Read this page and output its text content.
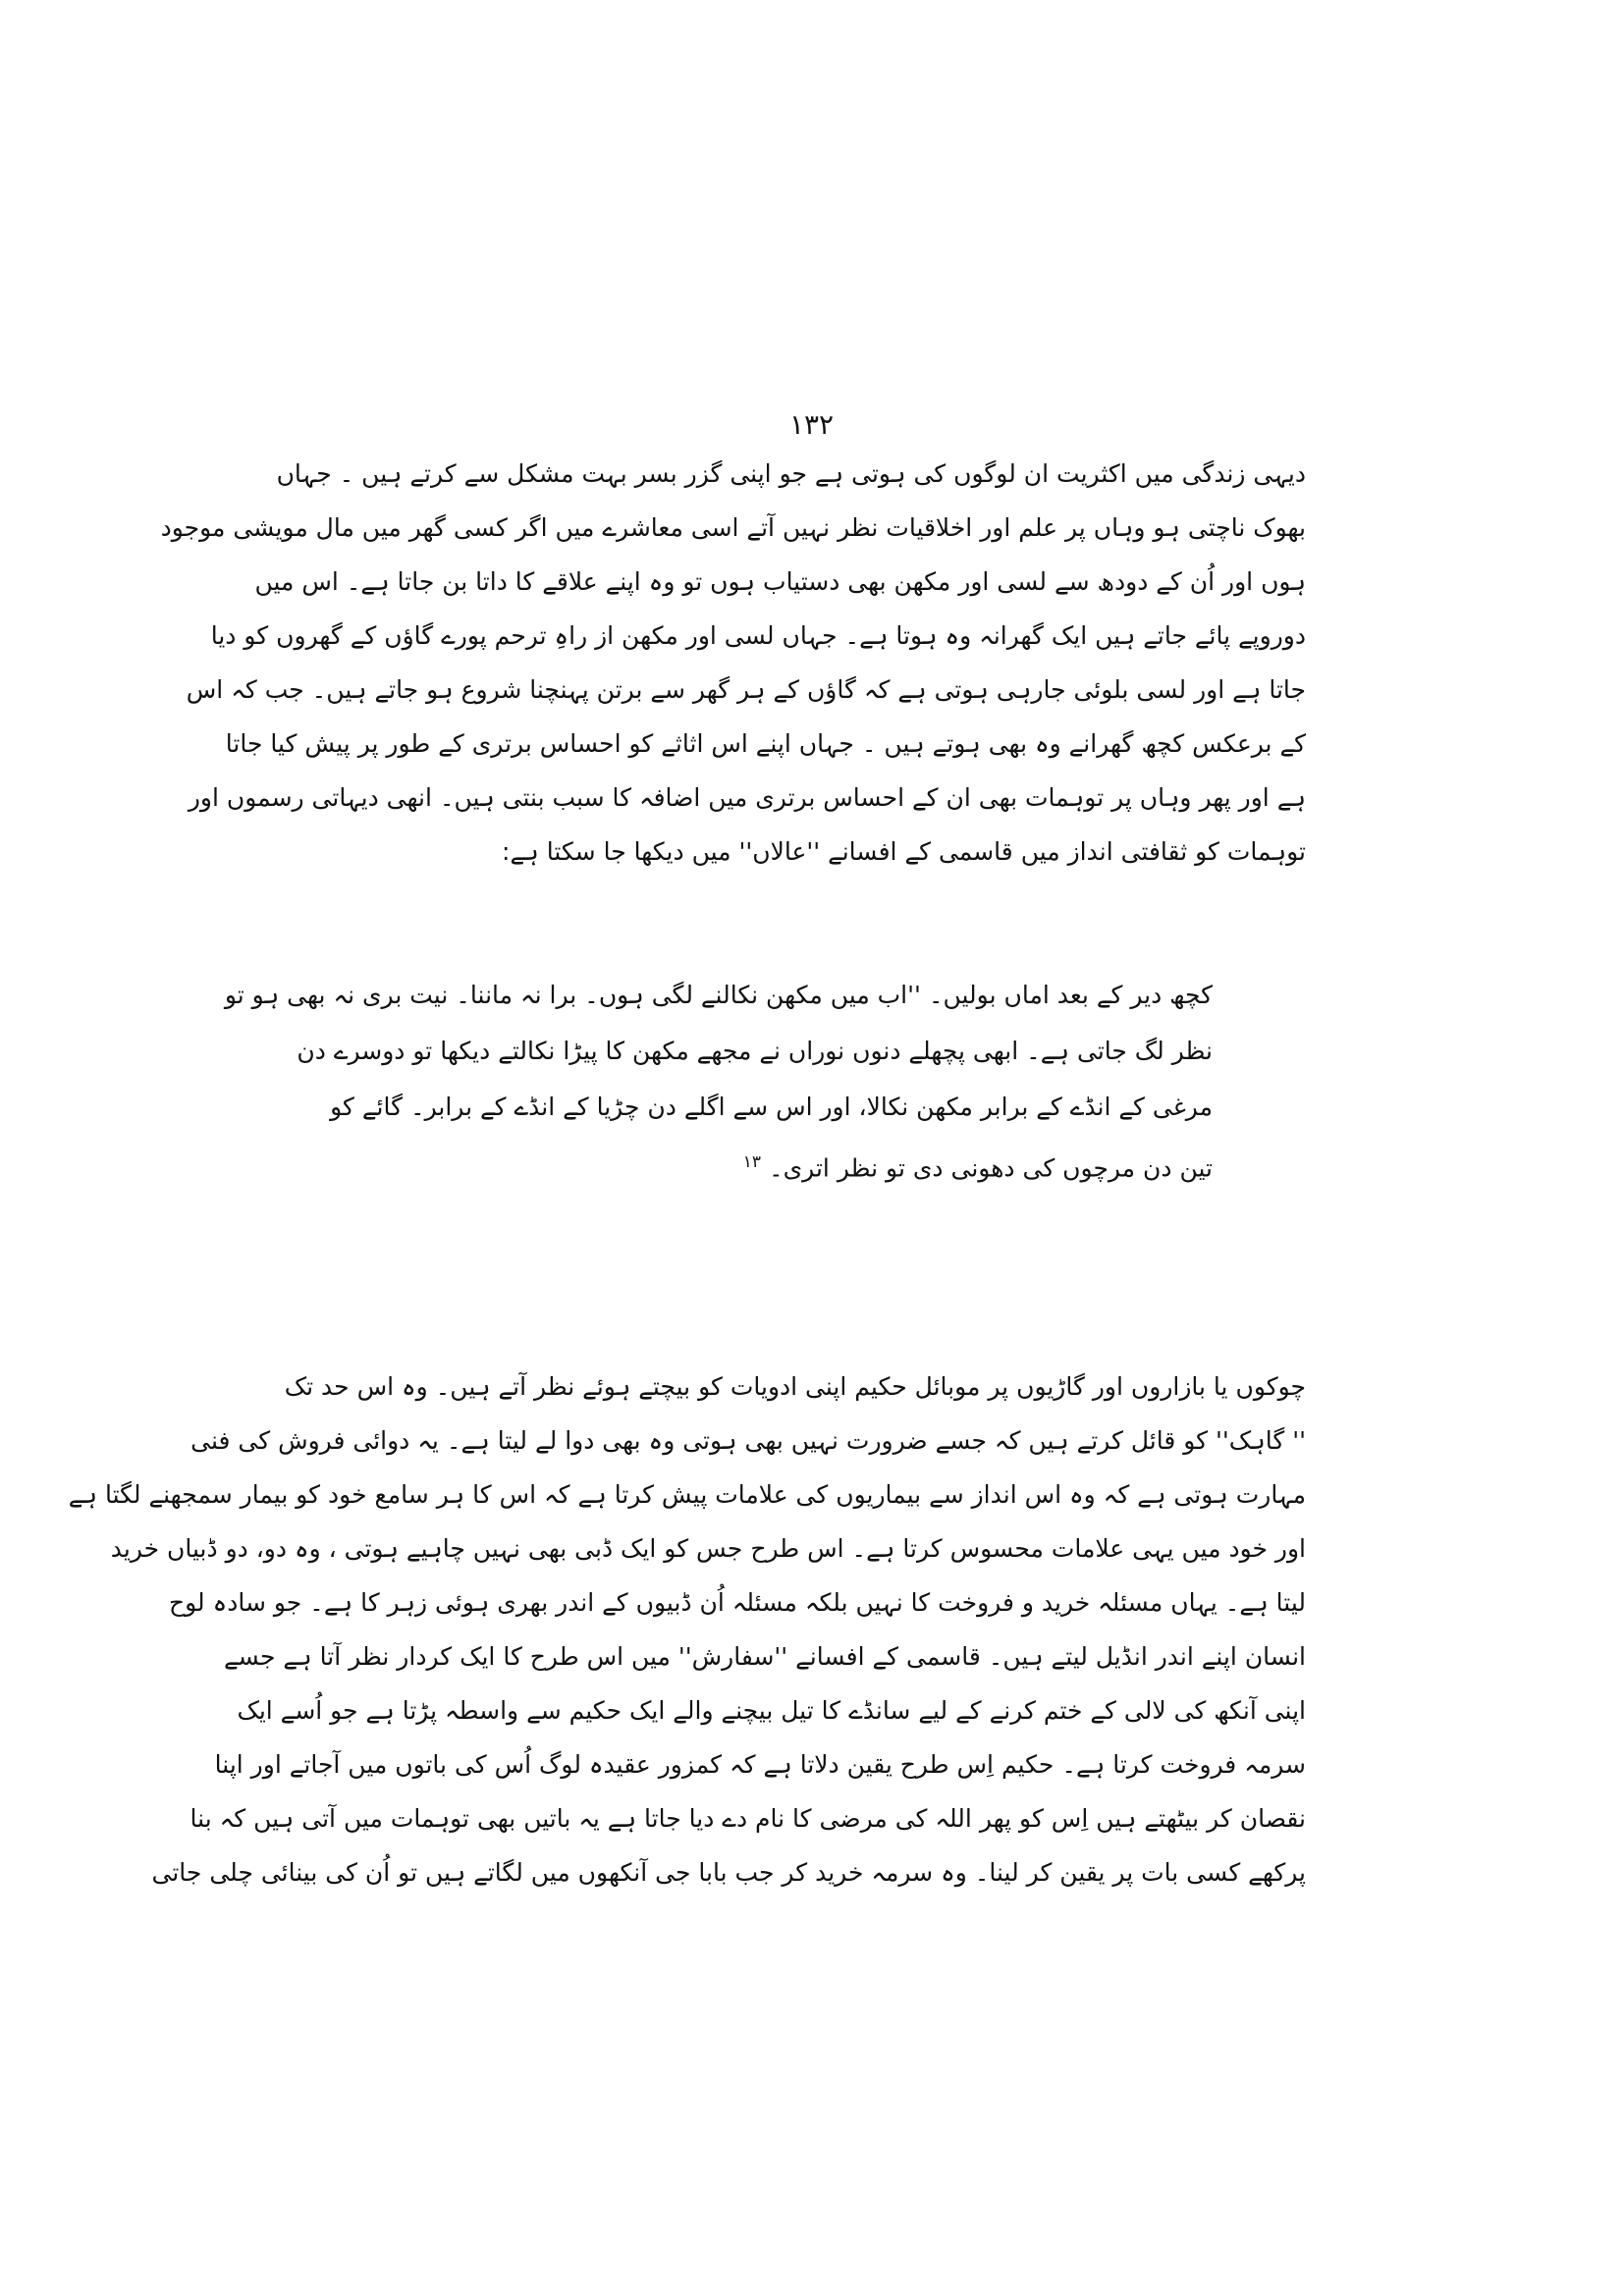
۱۳۲
دیہی زندگی میں اکثریت ان لوگوں کی ہوتی ہے جو اپنی گزر بسر بہت مشکل سے کرتے ہیں ۔ جہاں
بھوک ناچتی ہو وہاں پر علم اور اخلاقیات نظر نہیں آتے اسی معاشرے میں اگر کسی گھر میں مال مویشی موجود
ہوں اور اُن کے دودھ سے لسی اور مکھن بھی دستیاب ہوں تو وہ اپنے علاقے کا داتا بن جاتا ہے۔ اس میں
دوروپے پائے جاتے ہیں ایک گھرانہ وہ ہوتا ہے۔ جہاں لسی اور مکھن از راہِ ترحم پورے گاؤں کے گھروں کو دیا
جاتا ہے اور لسی بلوئی جارہی ہوتی ہے کہ گاؤں کے ہر گھر سے برتن پہنچنا شروع ہو جاتے ہیں۔ جب کہ اس
کے برعکس کچھ گھرانے وہ بھی ہوتے ہیں ۔ جہاں اپنے اس اثاثے کو احساس برتری کے طور پر پیش کیا جاتا
ہے اور پھر وہاں پر توہمات بھی ان کے احساس برتری میں اضافہ کا سبب بنتی ہیں۔ انھی دیہاتی رسموں اور
توہمات کو ثقافتی انداز میں قاسمی کے افسانے ''عالاں'' میں دیکھا جا سکتا ہے:
کچھ دیر کے بعد اماں بولیں۔ ''اب میں مکھن نکالنے لگی ہوں۔ برا نہ ماننا۔ نیت بری نہ بھی ہو تو
نظر لگ جاتی ہے۔ ابھی پچھلے دنوں نوراں نے مجھے مکھن کا پیڑا نکالتے دیکھا تو دوسرے دن
مرغی کے انڈے کے برابر مکھن نکالا، اور اس سے اگلے دن چڑیا کے انڈے کے برابر۔ گائے کو
تین دن مرچوں کی دھونی دی تو نظر اتری۔ $^{۱۳}$
چوکوں یا بازاروں اور گاڑیوں پر موبائل حکیم اپنی ادویات کو بیچتے ہوئے نظر آتے ہیں۔ وہ اس حد تک
'' گاہک'' کو قائل کرتے ہیں کہ جسے ضرورت نہیں بھی ہوتی وہ بھی دوا لے لیتا ہے۔ یہ دوائی فروش کی فنی
مہارت ہوتی ہے کہ وہ اس انداز سے بیماریوں کی علامات پیش کرتا ہے کہ اس کا ہر سامع خود کو بیمار سمجھنے لگتا ہے
اور خود میں یہی علامات محسوس کرتا ہے۔ اس طرح جس کو ایک ڈبی بھی نہیں چاہیے ہوتی ، وہ دو، دو ڈبیاں خرید
لیتا ہے۔ یہاں مسئلہ خرید و فروخت کا نہیں بلکہ مسئلہ اُن ڈبیوں کے اندر بھری ہوئی زہر کا ہے۔ جو سادہ لوح
انسان اپنے اندر انڈیل لیتے ہیں۔ قاسمی کے افسانے ''سفارش'' میں اس طرح کا ایک کردار نظر آتا ہے جسے
اپنی آنکھ کی لالی کے ختم کرنے کے لیے سانڈے کا تیل بیچنے والے ایک حکیم سے واسطہ پڑتا ہے جو اُسے ایک
سرمہ فروخت کرتا ہے۔ حکیم اِس طرح یقین دلاتا ہے کہ کمزور عقیدہ لوگ اُس کی باتوں میں آجاتے اور اپنا
نقصان کر بیٹھتے ہیں اِس کو پھر اللہ کی مرضی کا نام دے دیا جاتا ہے یہ باتیں بھی توہمات میں آتی ہیں کہ بنا
پرکھے کسی بات پر یقین کر لینا۔ وہ سرمہ خرید کر جب بابا جی آنکھوں میں لگاتے ہیں تو اُن کی بینائی چلی جاتی
